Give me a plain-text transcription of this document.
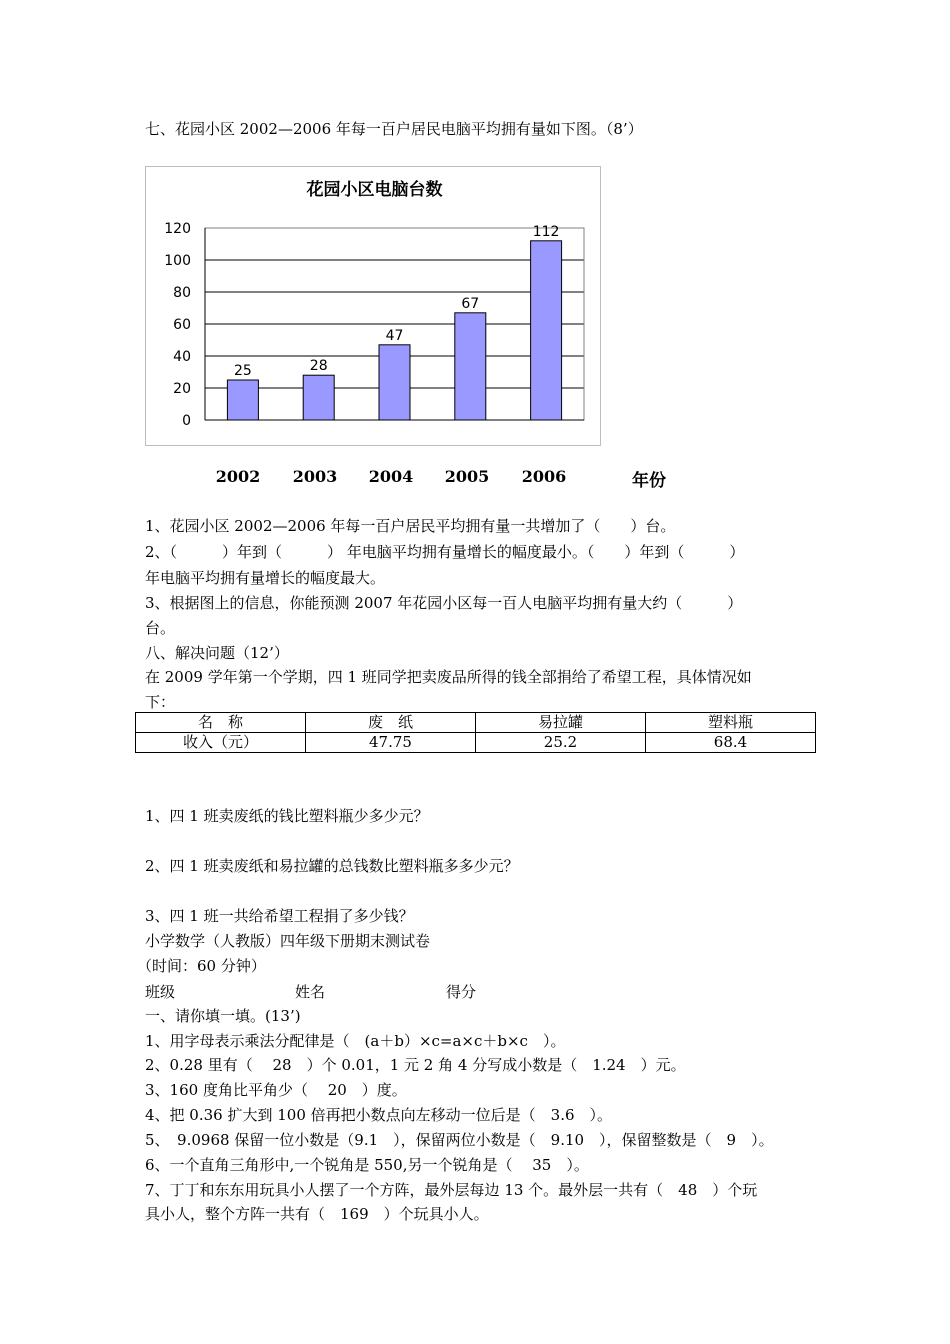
七、花园小区 2002—2006 年每一百户居民电脑平均拥有量如下图。（8’）
花园小区电脑台数
0
20
40
60
80
100
120
25	28
47
67
112
2002	2003	2004	2005	2006	年份
1、花园小区 2002—2006 年每一百户居民平均拥有量一共增加了（　　）台。
2、（　　　）年到（　　　） 年电脑平均拥有量增长的幅度最小。（　　）年到（　　　）
年电脑平均拥有量增长的幅度最大。
3、根据图上的信息，你能预测 2007 年花园小区每一百人电脑平均拥有量大约（　　　）
台。
八、解决问题（12’）
在 2009 学年第一个学期，四 1 班同学把卖废品所得的钱全部捐给了希望工程，具体情况如
下：
名　称	废　纸	易拉罐	塑料瓶
收入（元）	47.75	25.2	68.4
1、四 1 班卖废纸的钱比塑料瓶少多少元？
2、四 1 班卖废纸和易拉罐的总钱数比塑料瓶多多少元？
3、四 1 班一共给希望工程捐了多少钱？
小学数学（人教版）四年级下册期末测试卷
（时间：60 分钟）
班级	姓名	得分
一、请你填一填。(13’)
1、用字母表示乘法分配律是（　(a＋b）×c=a×c＋b×c　）。
2、0.28 里有（　 28　）个 0.01，1 元 2 角 4 分写成小数是（　1.24　）元。
3、160 度角比平角少（　 20　）度。
4、把 0.36 扩大到 100 倍再把小数点向左移动一位后是（　3.6　）。
5、　9.0968 保留一位小数是（9.1　），保留两位小数是（　9.10　），保留整数是（　9　）。
6、一个直角三角形中,一个锐角是 550,另一个锐角是（　 35　）。
7、丁丁和东东用玩具小人摆了一个方阵，最外层每边 13 个。最外层一共有（　48　）个玩
具小人，整个方阵一共有（　169　）个玩具小人。
